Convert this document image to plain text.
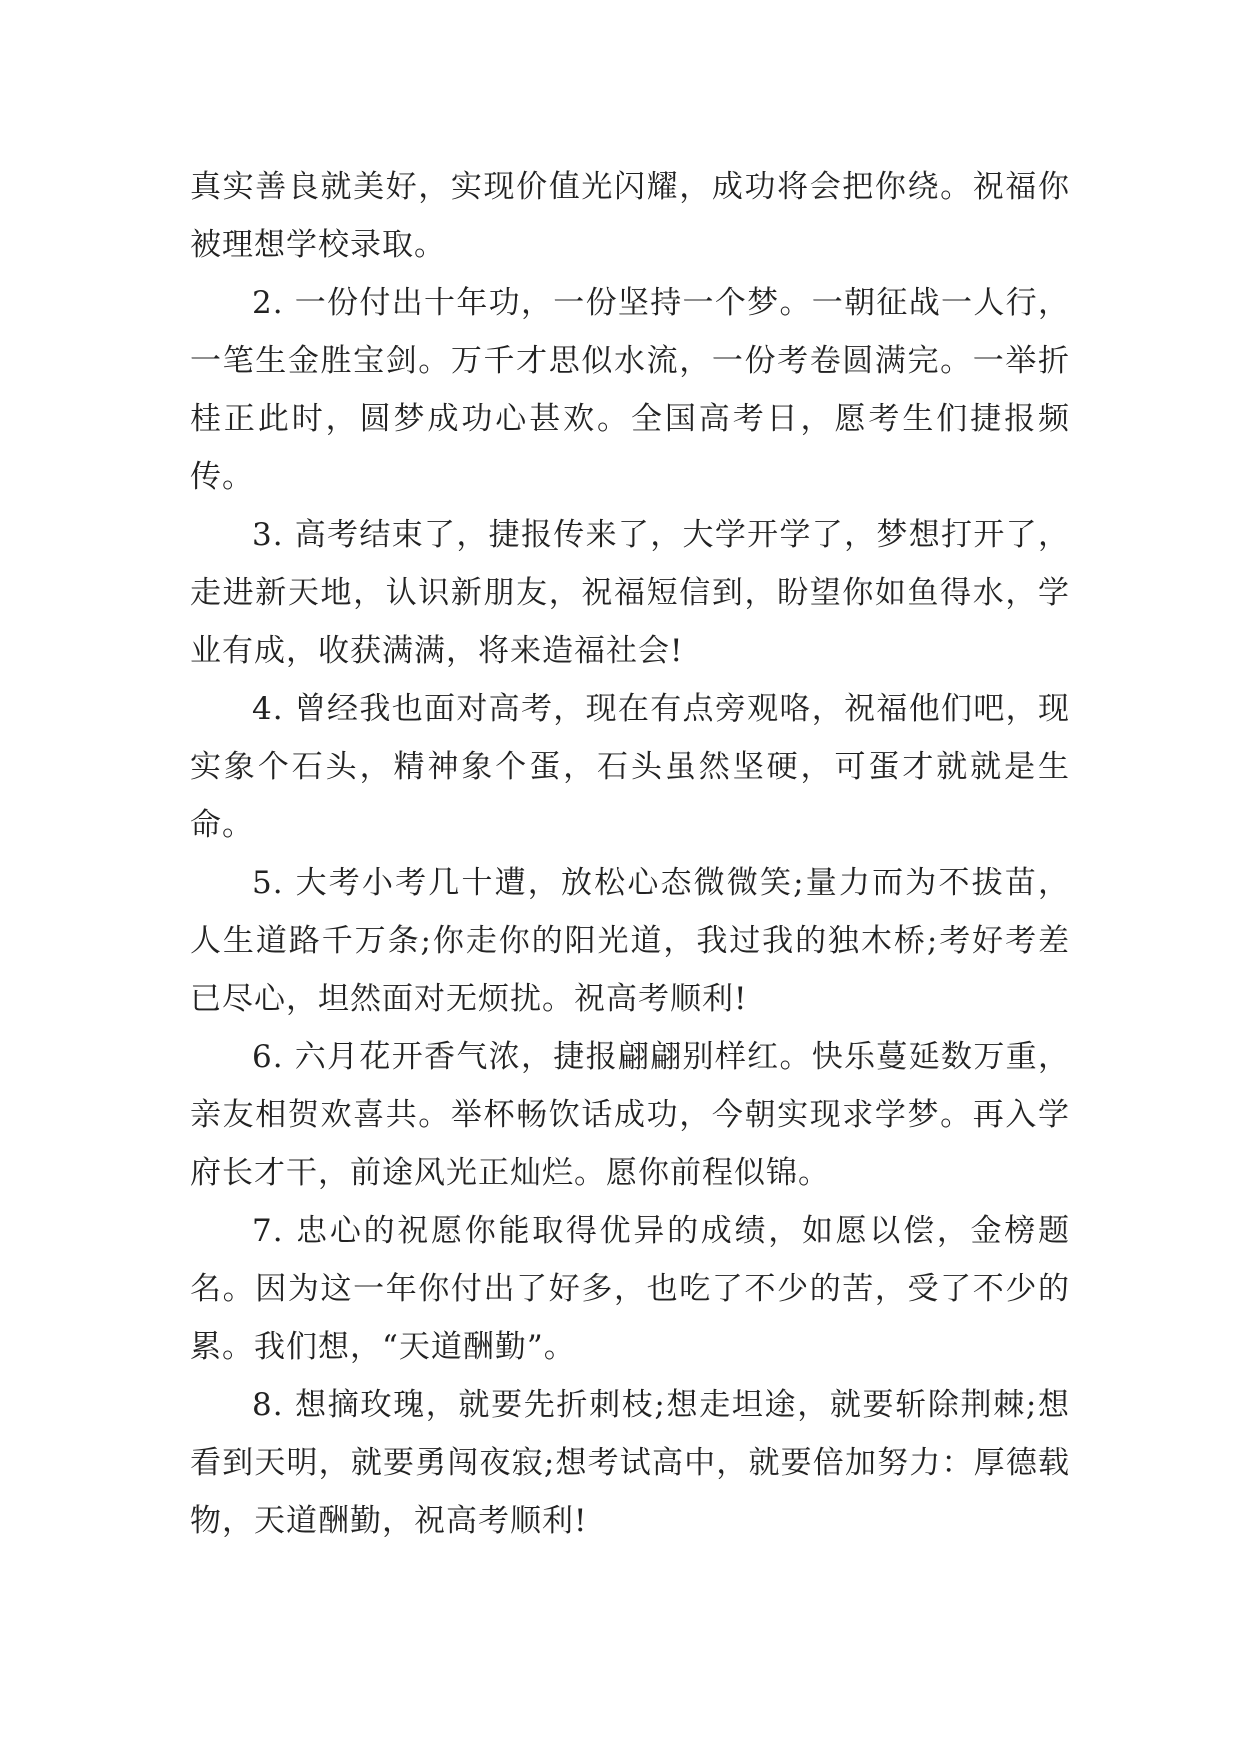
真实善良就美好，实现价值光闪耀，成功将会把你绕。祝福你被理想学校录取。

2. 一份付出十年功，一份坚持一个梦。一朝征战一人行，一笔生金胜宝剑。万千才思似水流，一份考卷圆满完。一举折桂正此时，圆梦成功心甚欢。全国高考日，愿考生们捷报频传。

3. 高考结束了，捷报传来了，大学开学了，梦想打开了，走进新天地，认识新朋友，祝福短信到，盼望你如鱼得水，学业有成，收获满满，将来造福社会!

4. 曾经我也面对高考，现在有点旁观咯，祝福他们吧，现实象个石头，精神象个蛋，石头虽然坚硬，可蛋才就就是生命。

5. 大考小考几十遭，放松心态微微笑;量力而为不拔苗，人生道路千万条;你走你的阳光道，我过我的独木桥;考好考差已尽心，坦然面对无烦扰。祝高考顺利!

6. 六月花开香气浓，捷报翩翩别样红。快乐蔓延数万重，亲友相贺欢喜共。举杯畅饮话成功，今朝实现求学梦。再入学府长才干，前途风光正灿烂。愿你前程似锦。

7. 忠心的祝愿你能取得优异的成绩，如愿以偿，金榜题名。因为这一年你付出了好多，也吃了不少的苦，受了不少的累。我们想，“天道酬勤”。

8. 想摘玫瑰，就要先折刺枝;想走坦途，就要斩除荆棘;想看到天明，就要勇闯夜寂;想考试高中，就要倍加努力：厚德载物，天道酬勤，祝高考顺利!
